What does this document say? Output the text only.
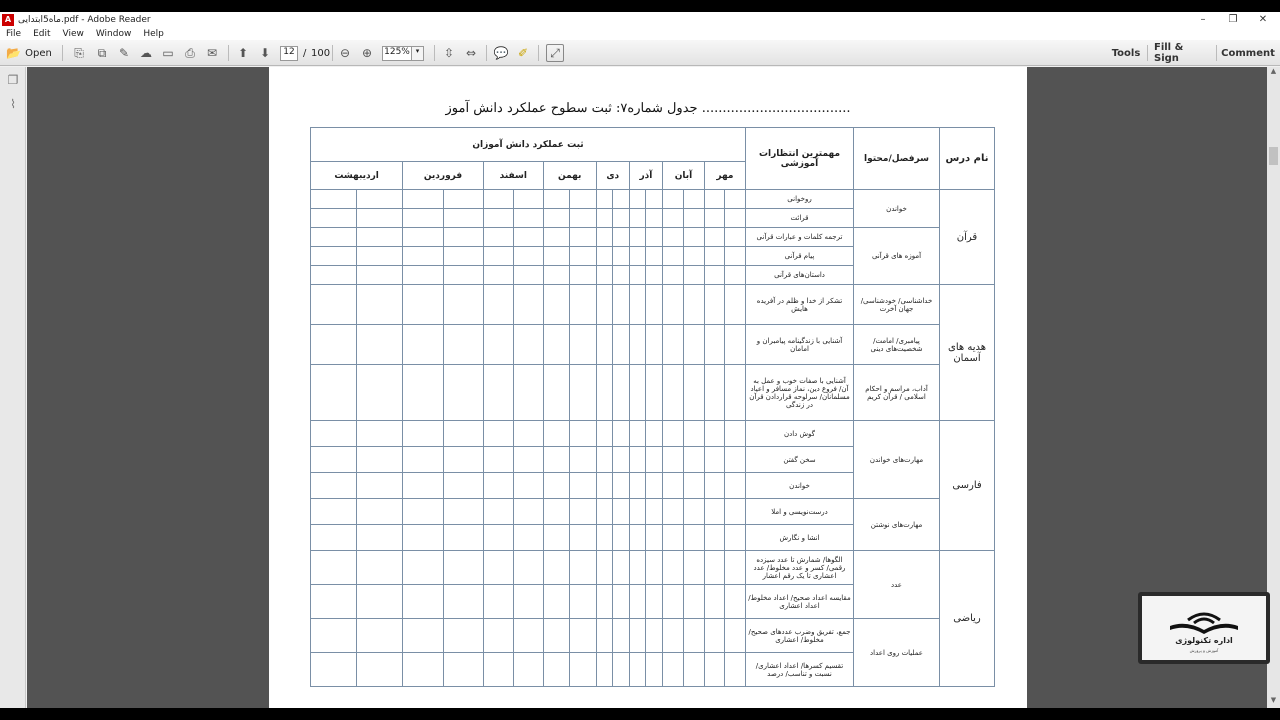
A ماه5ابتدایی.pdf - Adobe Reader	–	❐	✕
File	Edit	View	Window	Help
📂 Open	⎘	⧉	✎ ☁ ▭ ⎙	✉	⬆ ⬇	12 / 100 ⊖ ⊕	125% ▾	⇳ ⇔	💬 ✐	⤢	Tools Fill & Sign	Comment
❐
⌇	جدول شماره۷: ثبت سطوح عملکرد دانش آموز ....................................
نام درس	سرفصل/محتوا	مهمترین انتظارات آموزشی	ثبت عملکرد دانش آموزان															
			مهر		آبان		آذر		دی		بهمن		اسفند		فروردین		اردیبهشت	
قرآن	خواندن	روخوانی																
		قرائت																
	آموزه های قرآنی	ترجمه کلمات و عبارات قرآنی																
		پیام قرآنی																
		داستان‌های قرآنی																
هدیه های آسمان	خداشناسی/ خودشناسی/ جهان آخرت	تشکر از خدا و ظلم در آفریده هایش																
	پیامبری/ امامت/ شخصیت‌های دینی	آشنایی با زندگینامه پیامبران و امامان																
	آداب، مراسم و احکام اسلامی / قرآن کریم	آشنایی با صفات خوب و عمل به آن/ فروع دین، نماز مسافر و اعیاد مسلمانان/ سرلوحه قراردادن قرآن در زندگی																
فارسی	مهارت‌های خواندن	گوش دادن																
		سخن گفتن																
		خواندن																
	مهارت‌های نوشتن	درست‌نویسی و املا																
		انشا و نگارش																
ریاضی	عدد	الگوها/ شمارش تا عدد سیزده رقمی/ کسر و عدد مخلوط/ عدد اعشاری تا یک رقم اعشار																
		مقایسه اعداد صحیح/ اعداد مخلوط/ اعداد اعشاری																
	عملیات روی اعداد	جمع، تفریق وضرب عددهای صحیح/ مخلوط/ اعشاری																
		تقسیم کسرها/ اعداد اعشاری/ نسبت و تناسب/ درصد																
▲
▼
اداره تکنولوژی
آموزش و پرورش
